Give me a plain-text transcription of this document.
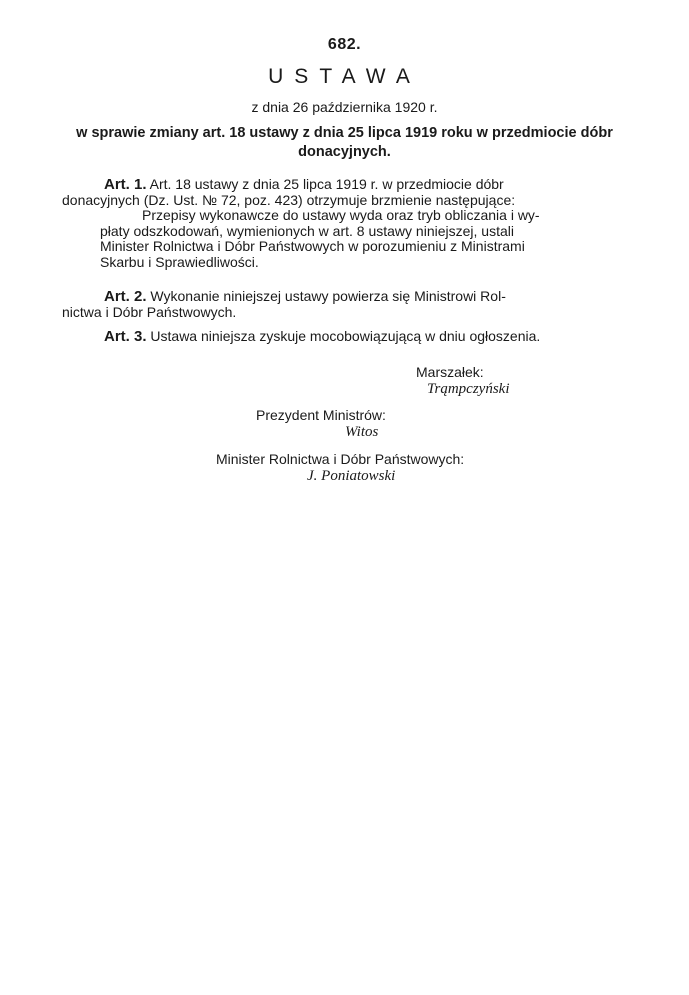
682.
USTAWA
z dnia 26 października 1920 r.
w sprawie zmiany art. 18 ustawy z dnia 25 lipca 1919 roku w przedmiocie dóbr donacyjnych.
Art. 1. Art. 18 ustawy z dnia 25 lipca 1919 r. w przedmiocie dóbr
donacyjnych (Dz. Ust. № 72, poz. 423) otrzymuje brzmienie następujące:
Przepisy wykonawcze do ustawy wyda oraz tryb obliczania i wy-
płaty odszkodowań, wymienionych w art. 8 ustawy niniejszej, ustali
Minister Rolnictwa i Dóbr Państwowych w porozumieniu z Ministrami
Skarbu i Sprawiedliwości.
Art. 2. Wykonanie niniejszej ustawy powierza się Ministrowi Rol-
nictwa i Dóbr Państwowych.
Art. 3. Ustawa niniejsza zyskuje mocobowiązującą w dniu ogłoszenia.
Marszałek:
Trąmpczyński
Prezydent Ministrów:
Witos
Minister Rolnictwa i Dóbr Państwowych:
J. Poniatowski
